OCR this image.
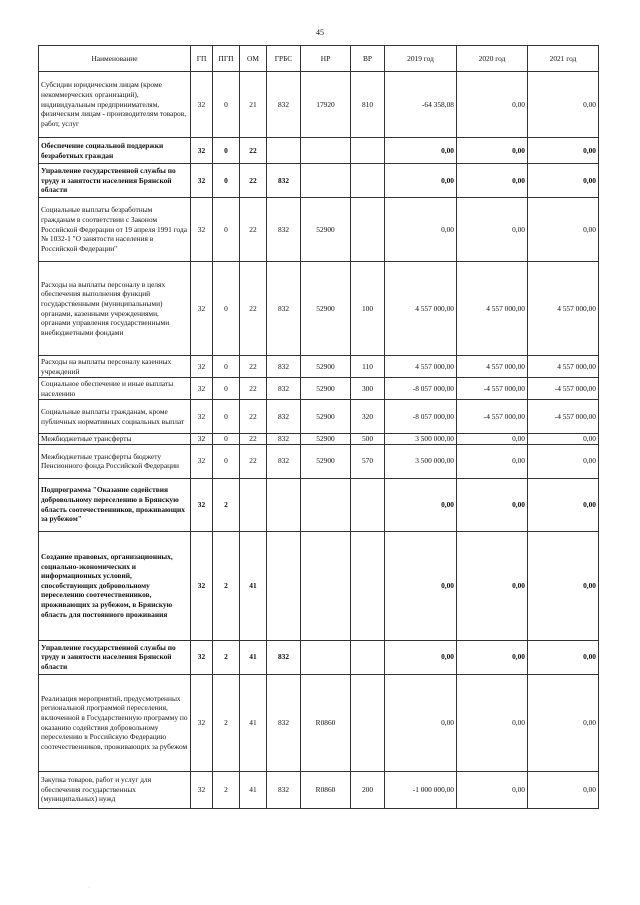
45
Наименование	ГП	ПГП	ОМ	ГРБС	НР	ВР	2019 год	2020 год	2021 год
Субсидии юридическим лицам (кроме некоммерческих организаций), индивидуальным предпринимателям, физическим лицам - производителям товаров, работ, услуг	32	0	21	832	17920	810	-64 358,08	0,00	0,00
Обеспечение социальной поддержки безработных граждан	32	0	22				0,00	0,00	0,00
Управление государственной службы по труду и занятости населения Брянской области	32	0	22	832			0,00	0,00	0,00
Социальные выплаты безработным гражданам в соответствии с Законом Российской Федерации от 19 апреля 1991 года № 1032-1 "О занятости населения в Российской Федерации"	32	0	22	832	52900		0,00	0,00	0,00
Расходы на выплаты персоналу в целях обеспечения выполнения функций государственными (муниципальными) органами, казенными учреждениями, органами управления государственными внебюджетными фондами	32	0	22	832	52900	100	4 557 000,00	4 557 000,00	4 557 000,00
Расходы на выплаты персоналу казенных учреждений	32	0	22	832	52900	110	4 557 000,00	4 557 000,00	4 557 000,00
Социальное обеспечение и иные выплаты населению	32	0	22	832	52900	300	-8 057 000,00	-4 557 000,00	-4 557 000,00
Социальные выплаты гражданам, кроме публичных нормативных социальных выплат	32	0	22	832	52900	320	-8 057 000,00	-4 557 000,00	-4 557 000,00
Межбюджетные трансферты	32	0	22	832	52900	500	3 500 000,00	0,00	0,00
Межбюджетные трансферты бюджету Пенсионного фонда Российской Федерации	32	0	22	832	52900	570	3 500 000,00	0,00	0,00
Подпрограмма "Оказание содействия добровольному переселению в Брянскую область соотечественников, проживающих за рубежом"	32	2					0,00	0,00	0,00
Создание правовых, организационных, социально-экономических и информационных условий, способствующих добровольному переселению соотечественников, проживающих за рубежом, в Брянскую область для постоянного проживания	32	2	41				0,00	0,00	0,00
Управление государственной службы по труду и занятости населения Брянской области	32	2	41	832			0,00	0,00	0,00
Реализация мероприятий, предусмотренных региональной программой переселения, включенной в Государственную программу по оказанию содействия добровольному переселению в Российскую Федерацию соотечественников, проживающих за рубежом	32	2	41	832	R0860		0,00	0,00	0,00
Закупка товаров, работ и услуг для обеспечения государственных (муниципальных) нужд	32	2	41	832	R0860	200	-1 000 000,00	0,00	0,00
·
